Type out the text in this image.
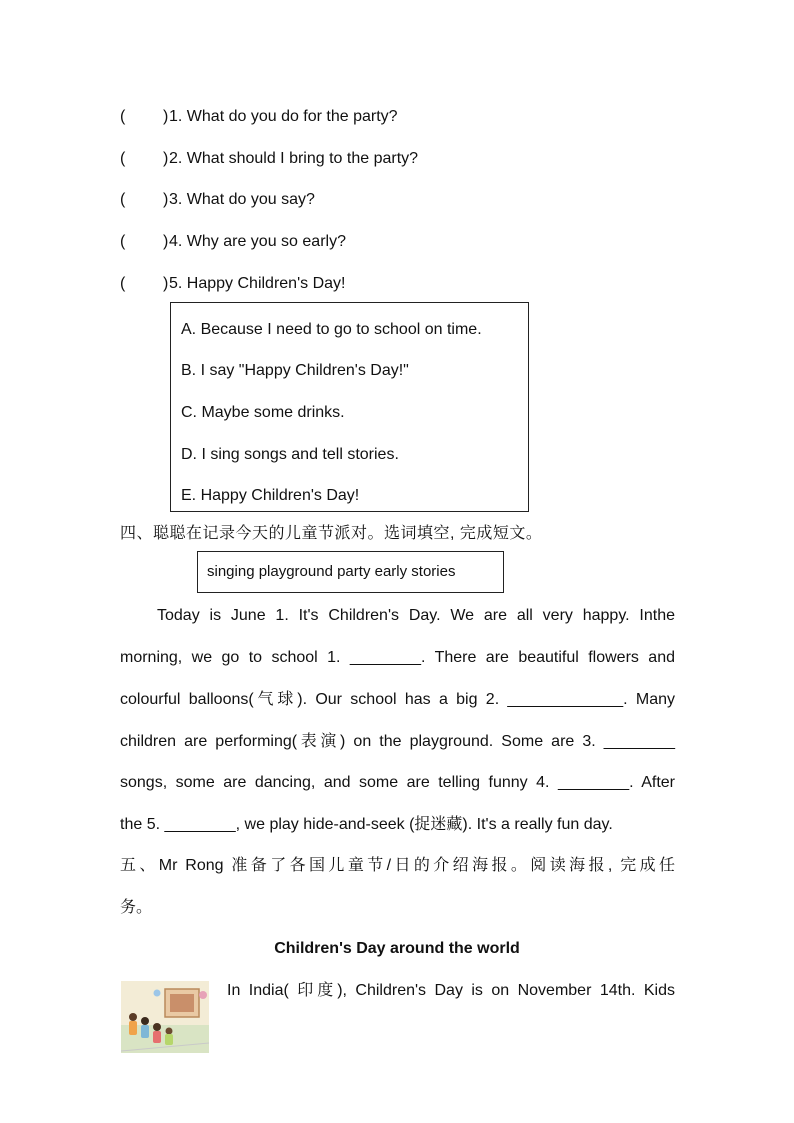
( ) 1. What do you do for the party?
( ) 2. What should I bring to the party?
( ) 3. What do you say?
( ) 4. Why are you so early?
( ) 5. Happy Children's Day!
A. Because I need to go to school on time.
B. I say "Happy Children's Day!"
C. Maybe some drinks.
D. I sing songs and tell stories.
E. Happy Children's Day!
四、聪聪在记录今天的儿童节派对。选词填空, 完成短文。
singing playground party early stories
Today is June 1. It's Children's Day. We are all very happy. Inthe
morning, we go to school 1. ________. There are beautiful flowers and
colourful balloons(气球). Our school has a big 2. _____________. Many
children are performing(表演) on the playground. Some are 3. ________
songs, some are dancing, and some are telling funny 4. ________. After
the 5. ________, we play hide-and-seek (捉迷藏). It's a really fun day.
五、Mr Rong 准备了各国儿童节/日的介绍海报。阅读海报, 完成任
务。
Children's Day around the world
In India( 印度), Children's Day is on November 14th. Kids
